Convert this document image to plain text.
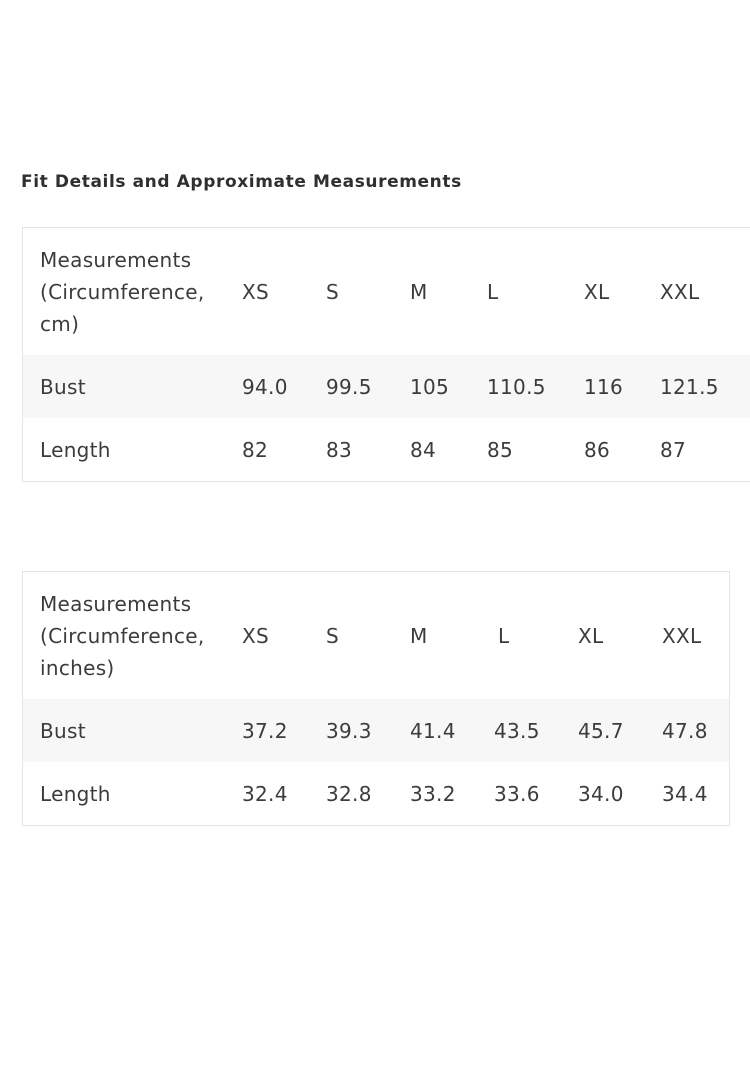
Fit Details and Approximate Measurements
Measurements
(Circumference,
cm)	XS	S	M	L	XL	XXL
Bust	94.0	99.5	105	110.5	116	121.5
Length	82	83	84	85	86	87
Measurements
(Circumference,
inches)	XS	S	M	L	XL	XXL
Bust	37.2	39.3	41.4	43.5	45.7	47.8
Length	32.4	32.8	33.2	33.6	34.0	34.4
